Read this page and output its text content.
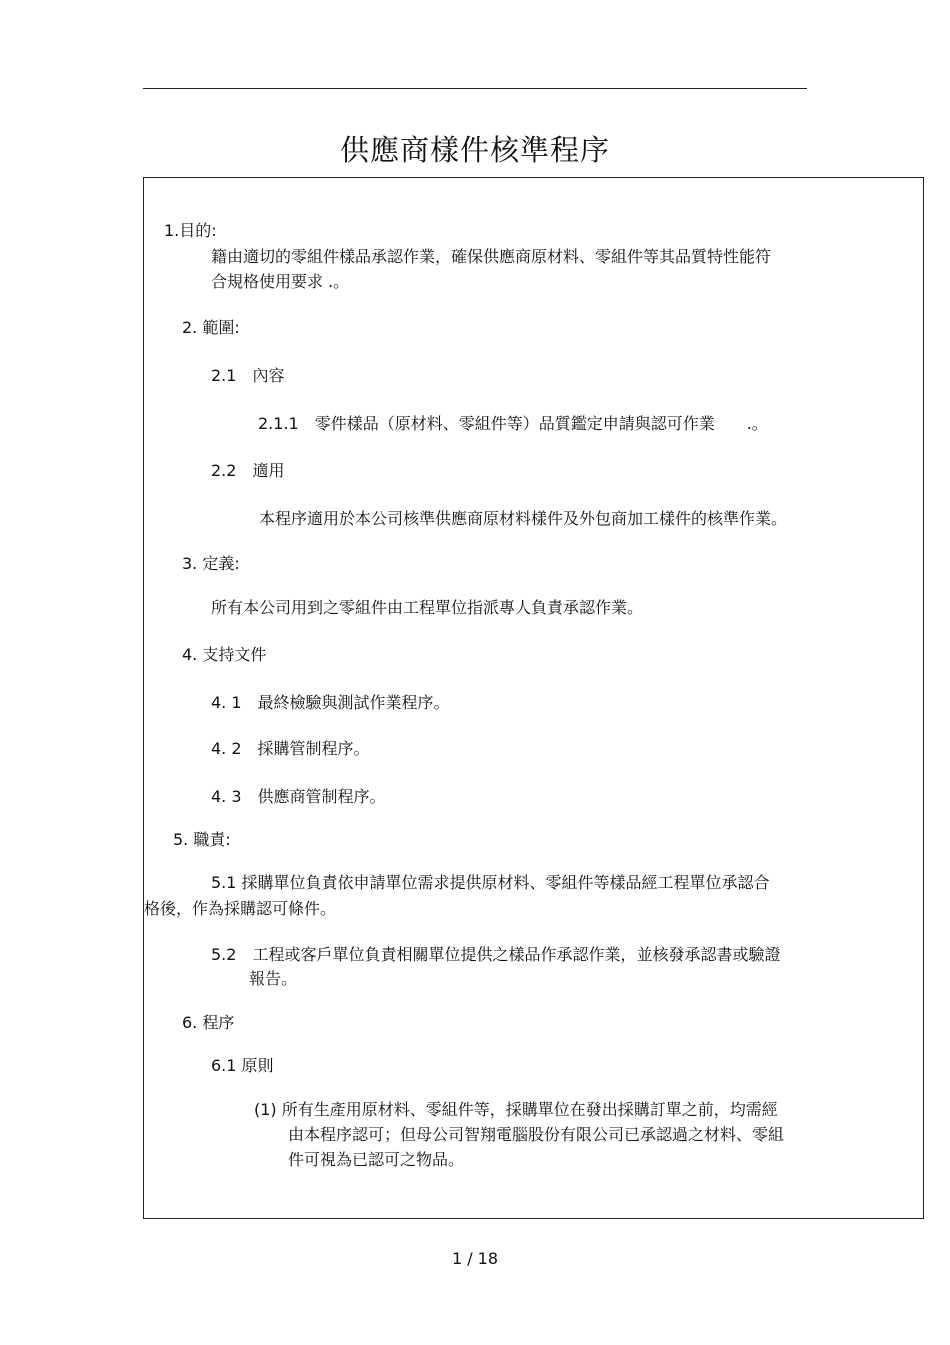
供應商樣件核準程序
1.目的:
籍由適切的零組件樣品承認作業，確保供應商原材料、零組件等其品質特性能符
合規格使用要求 .。
2. 範圍:
2.1　內容
2.1.1　零件樣品（原材料、零組件等）品質鑑定申請與認可作業　　.。
2.2　適用
本程序適用於本公司核準供應商原材料樣件及外包商加工樣件的核準作業。
3. 定義:
所有本公司用到之零組件由工程單位指派專人負責承認作業。
4. 支持文件
4. 1　最終檢驗與測試作業程序。
4. 2　採購管制程序。
4. 3　供應商管制程序。
5. 職責:
5.1 採購單位負責依申請單位需求提供原材料、零組件等樣品經工程單位承認合
格後，作為採購認可條件。
5.2　工程或客戶單位負責相關單位提供之樣品作承認作業，並核發承認書或驗證
報告。
6. 程序
6.1 原則
(1) 所有生產用原材料、零組件等，採購單位在發出採購訂單之前，均需經
由本程序認可；但母公司智翔電腦股份有限公司已承認過之材料、零組
件可視為已認可之物品。
1 / 18
